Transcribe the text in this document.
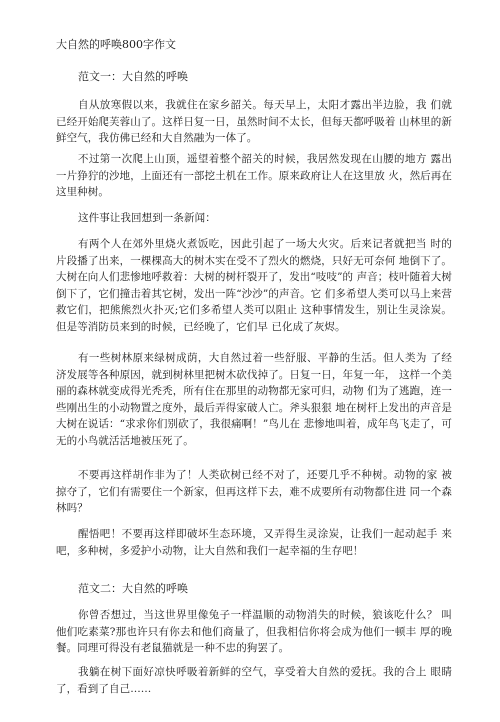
大自然的呼唤800字作文
范文一：大自然的呼唤
自从放寒假以来，我就住在家乡韶关。每天早上，太阳才露出半边脸，我 们就已经开始爬芙蓉山了。这样日复一日，虽然时间不太长，但每天都呼吸着 山林里的新鲜空气，我仿佛已经和大自然融为一体了。
不过第一次爬上山顶，遥望着整个韶关的时候，我居然发现在山腰的地方 露出一片狰狞的沙地，上面还有一部挖土机在工作。原来政府让人在这里放 火，然后再在这里种树。
这件事让我回想到一条新闻：
有两个人在郊外里烧火煮饭吃，因此引起了一场大火灾。后来记者就把当 时的片段播了出来，一棵棵高大的树木实在受不了烈火的燃烧，只好无可奈何 地倒下了。大树在向人们悲惨地呼救着：大树的树杆裂开了，发出“吱吱”的 声音；枝叶随着大树倒下了，它们撞击着其它树，发出一阵“沙沙”的声音。它 们多希望人类可以马上来营救它们，把熊熊烈火扑灭;它们多希望人类可以阻止 这种事情发生，别让生灵涂炭。但是等消防员来到的时候，已经晚了，它们早 已化成了灰烬。
有一些树林原来绿树成荫，大自然过着一些舒服、平静的生活。但人类为 了经济发展等各种原因，就到树林里把树木砍伐掉了。日复一日，年复一年， 这样一个美丽的森林就变成得光秃秃，所有住在那里的动物都无家可归，动物 们为了逃跑，连一些刚出生的小动物置之度外，最后弄得家破人亡。斧头狠狠 地在树杆上发出的声音是大树在说话：“求求你们别砍了，我很痛啊！”鸟儿在 悲惨地叫着，成年鸟飞走了，可无的小鸟就活活地被压死了。
不要再这样胡作非为了！人类砍树已经不对了，还要几乎不种树。动物的家 被掠夺了，它们有需要住一个新家，但再这样下去，难不成要所有动物都住进 同一个森林吗？
醒悟吧！不要再这样即破坏生态环境，又弄得生灵涂炭，让我们一起动起手 来吧，多种树，多爱护小动物，让大自然和我们一起幸福的生存吧！
范文二：大自然的呼唤
你曾否想过，当这世界里像兔子一样温顺的动物消失的时候，狼该吃什么？ 叫他们吃素菜?那也许只有你去和他们商量了，但我相信你将会成为他们一顿丰 厚的晚餐。同理可得没有老鼠猫就是一种不忠的狗罢了。
我躺在树下面好凉快呼吸着新鲜的空气，享受着大自然的爱抚。我的合上 眼睛了，看到了自己……
